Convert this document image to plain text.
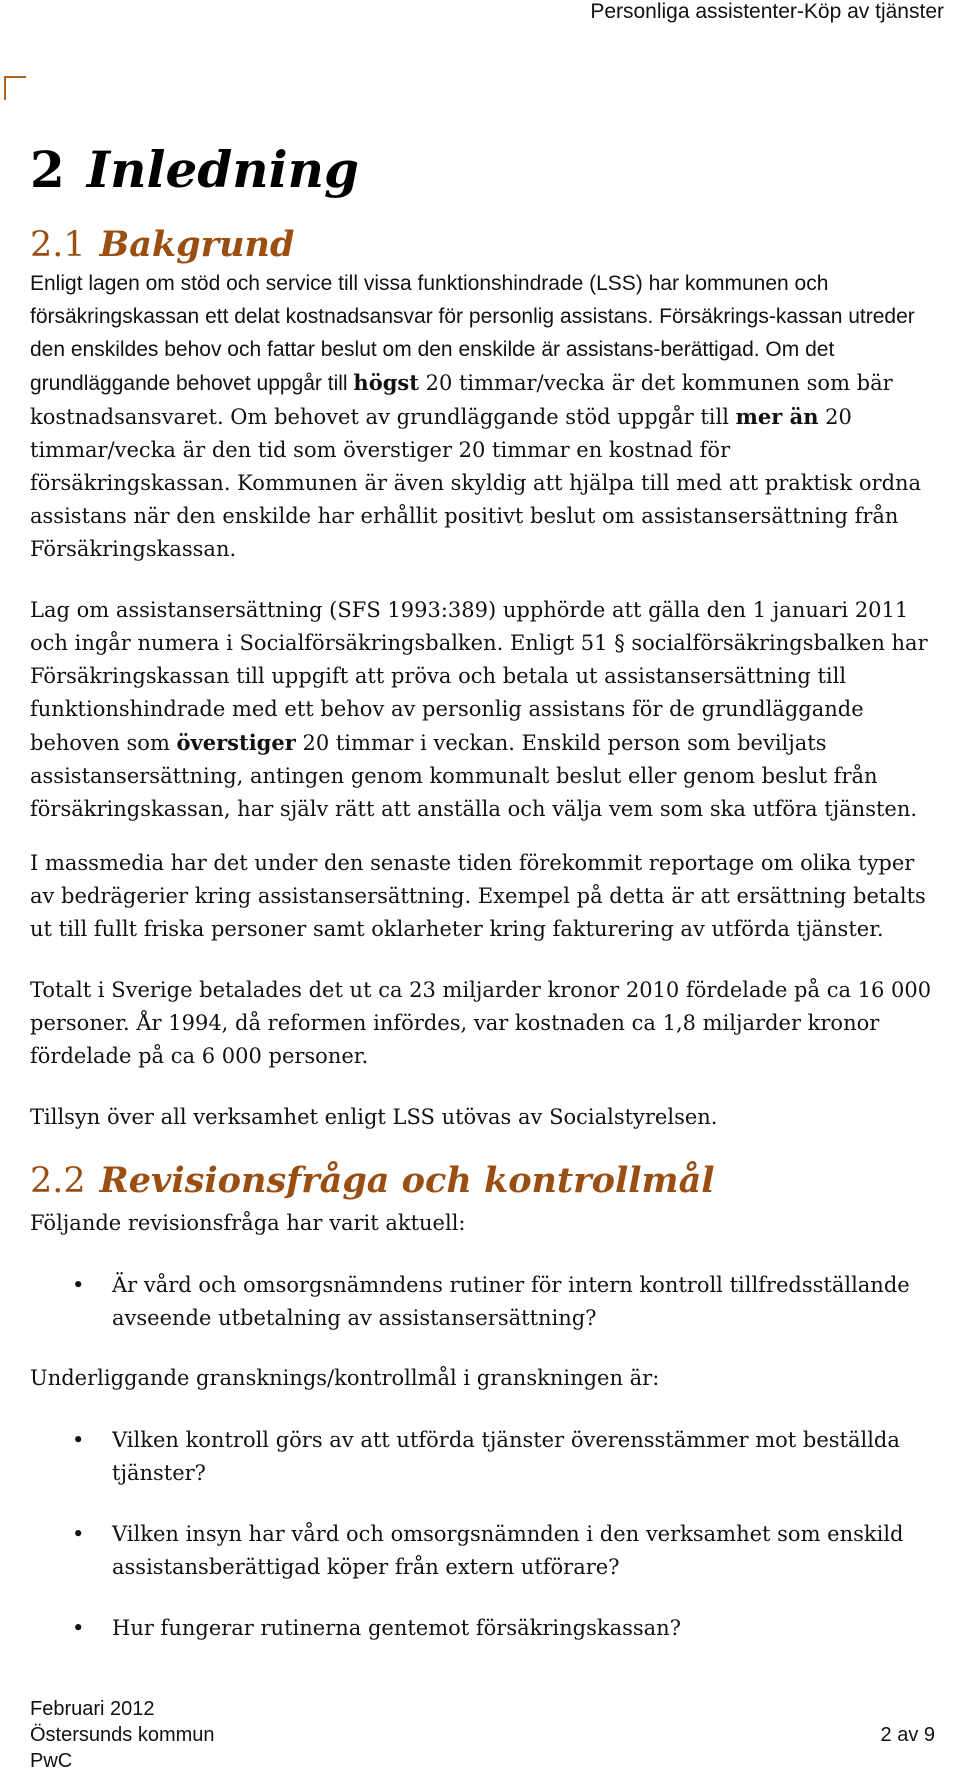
Personliga assistenter-Köp av tjänster
2 Inledning
2.1 Bakgrund

Enligt lagen om stöd och service till vissa funktionshindrade (LSS) har kommunen och försäkringskassan ett delat kostnadsansvar för personlig assistans. Försäkrings-kassan utreder den enskildes behov och fattar beslut om den enskilde är assistans-berättigad. Om det grundläggande behovet uppgår till högst 20 timmar/vecka är det kommunen som bär kostnadsansvaret. Om behovet av grundläggande stöd uppgår till mer än 20 timmar/vecka är den tid som överstiger 20 timmar en kostnad för försäkringskassan. Kommunen är även skyldig att hjälpa till med att praktisk ordna assistans när den enskilde har erhållit positivt beslut om assistansersättning från Försäkringskassan.

Lag om assistansersättning (SFS 1993:389) upphörde att gälla den 1 januari 2011 och ingår numera i Socialförsäkringsbalken. Enligt 51 § socialförsäkringsbalken har Försäkringskassan till uppgift att pröva och betala ut assistansersättning till funktionshindrade med ett behov av personlig assistans för de grundläggande behoven som överstiger 20 timmar i veckan. Enskild person som beviljats assistansersättning, antingen genom kommunalt beslut eller genom beslut från försäkringskassan, har själv rätt att anställa och välja vem som ska utföra tjänsten.

I massmedia har det under den senaste tiden förekommit reportage om olika typer av bedrägerier kring assistansersättning. Exempel på detta är att ersättning betalts ut till fullt friska personer samt oklarheter kring fakturering av utförda tjänster.

Totalt i Sverige betalades det ut ca 23 miljarder kronor 2010 fördelade på ca 16 000 personer. År 1994, då reformen infördes, var kostnaden ca 1,8 miljarder kronor fördelade på ca 6 000 personer.

Tillsyn över all verksamhet enligt LSS utövas av Socialstyrelsen.

2.2 Revisionsfråga och kontrollmål

Följande revisionsfråga har varit aktuell:

• Är vård och omsorgsnämndens rutiner för intern kontroll tillfredsställande avseende utbetalning av assistansersättning?

Underliggande gransknings/kontrollmål i granskningen är:

• Vilken kontroll görs av att utförda tjänster överensstämmer mot beställda tjänster?
• Vilken insyn har vård och omsorgsnämnden i den verksamhet som enskild assistansberättigad köper från extern utförare?
• Hur fungerar rutinerna gentemot försäkringskassan?
Februari 2012
Östersunds kommun
PwC
2 av 9
